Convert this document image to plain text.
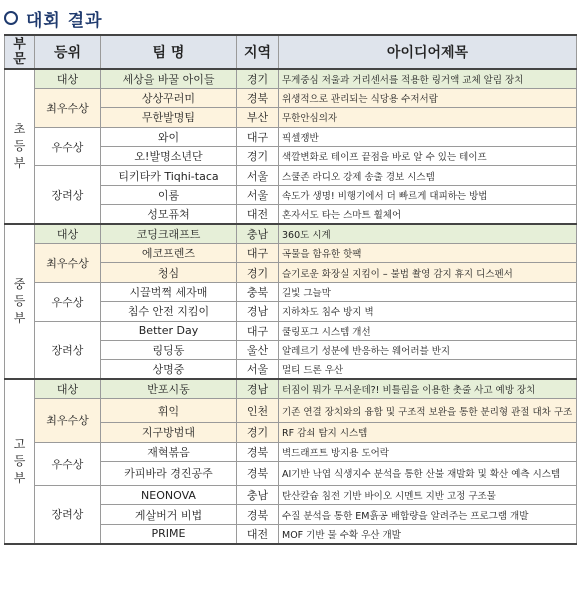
대회 결과
부
문	등위	팀 명	지역	아이디어제목

초
등
부	대상	세상을 바꿀 아이들	경기	무게중심 저울과 거리센서를 적용한 링거액 교체 알림 장치
	최우수상	상상꾸러미	경북	위생적으로 관리되는 식당용 수저서랍
		무한발명팀	부산	무한안심의자
	우수상	와이	대구	픽셀쟁반
		오!발명소년단	경기	색깔변화로 테이프 끝점을 바로 알 수 있는 테이프
	장려상	티키타카 Tiqhi-taca	서울	스쿨존 라디오 강제 송출 경보 시스템
		이룸	서울	속도가 생명! 비행기에서 더 빠르게 대피하는 방법
		성모퓨쳐	대전	혼자서도 타는 스마트 휠체어

중
등
부	대상	코딩크래프트	충남	360도 시계
	최우수상	에코프렌즈	대구	곡물을 함유한 핫팩
		청심	경기	슬기로운 화장실 지킴이 – 불법 촬영 감지 휴지 디스펜서
	우수상	시끌벅쩍 세자매	충북	길빛 그늘막
		침수 안전 지킴이	경남	지하차도 침수 방지 벽
	장려상	Better Day	대구	쿨링포그 시스템 개선
		링딩동	울산	알레르기 성분에 반응하는 웨어러블 반지
		상명중	서울	멀티 드론 우산

고
등
부	대상	반포시동	경남	터짐이 뭐가 무서운데?! 비틀림을 이용한 촛줄 사고 예방 장치
	최우수상	휘익	인천	기존 연결 장치와의 융합 및 구조적 보완을 통한 분리형 관절 대차 구조
		지구방범대	경기	RF 감쇠 탐지 시스템
	우수상	재혁볶음	경북	벽드래프트 방지용 도어락
		카피바라 경진공주	경북	AI기반 낙엽 식생지수 분석을 통한 산불 재발화 및 확산 예측 시스템
	장려상	NEONOVA	충남	탄산칼슘 침전 기반 바이오 시멘트 지반 고정 구조물
		게살버거 비법	경북	수질 분석을 통한 EM흙공 배합량을 알려주는 프로그램 개발
		PRIME	대전	MOF 기반 물 수확 우산 개발
